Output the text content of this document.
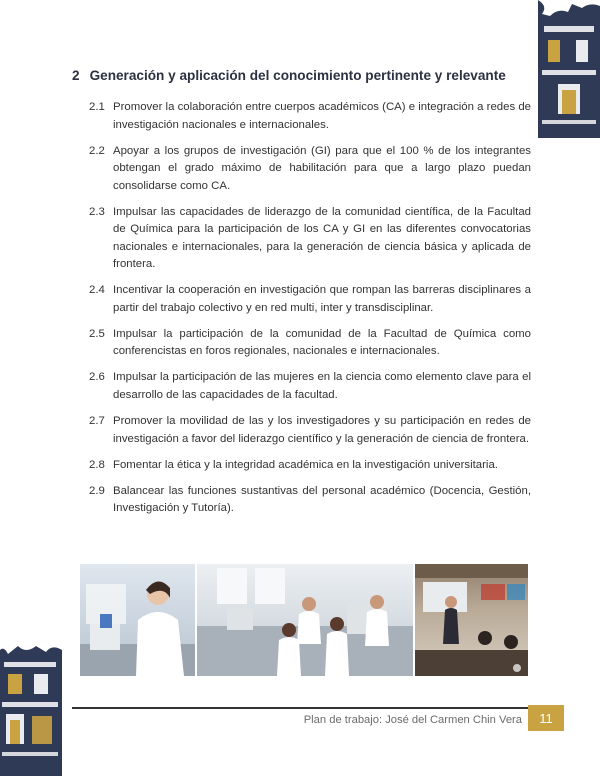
2 Generación y aplicación del conocimiento pertinente y relevante
2.1 Promover la colaboración entre cuerpos académicos (CA) e integración a redes de investigación nacionales e internacionales.
2.2 Apoyar a los grupos de investigación (GI) para que el 100 % de los integrantes obtengan el grado máximo de habilitación para que a largo plazo puedan consolidarse como CA.
2.3 Impulsar las capacidades de liderazgo de la comunidad científica, de la Facultad de Química para la participación de los CA y GI en las diferentes convocatorias nacionales e internacionales, para la generación de ciencia básica y aplicada de frontera.
2.4 Incentivar la cooperación en investigación que rompan las barreras disciplinares a partir del trabajo colectivo y en red multi, inter y transdisciplinar.
2.5 Impulsar la participación de la comunidad de la Facultad de Química como conferencistas en foros regionales, nacionales e internacionales.
2.6 Impulsar la participación de las mujeres en la ciencia como elemento clave para el desarrollo de las capacidades de la facultad.
2.7 Promover la movilidad de las y los investigadores y su participación en redes de investigación a favor del liderazgo científico y la generación de ciencia de frontera.
2.8 Fomentar la ética y la integridad académica en la investigación universitaria.
2.9 Balancear las funciones sustantivas del personal académico (Docencia, Gestión, Investigación y Tutoría).
Plan de trabajo: José del Carmen Chin Vera	11
